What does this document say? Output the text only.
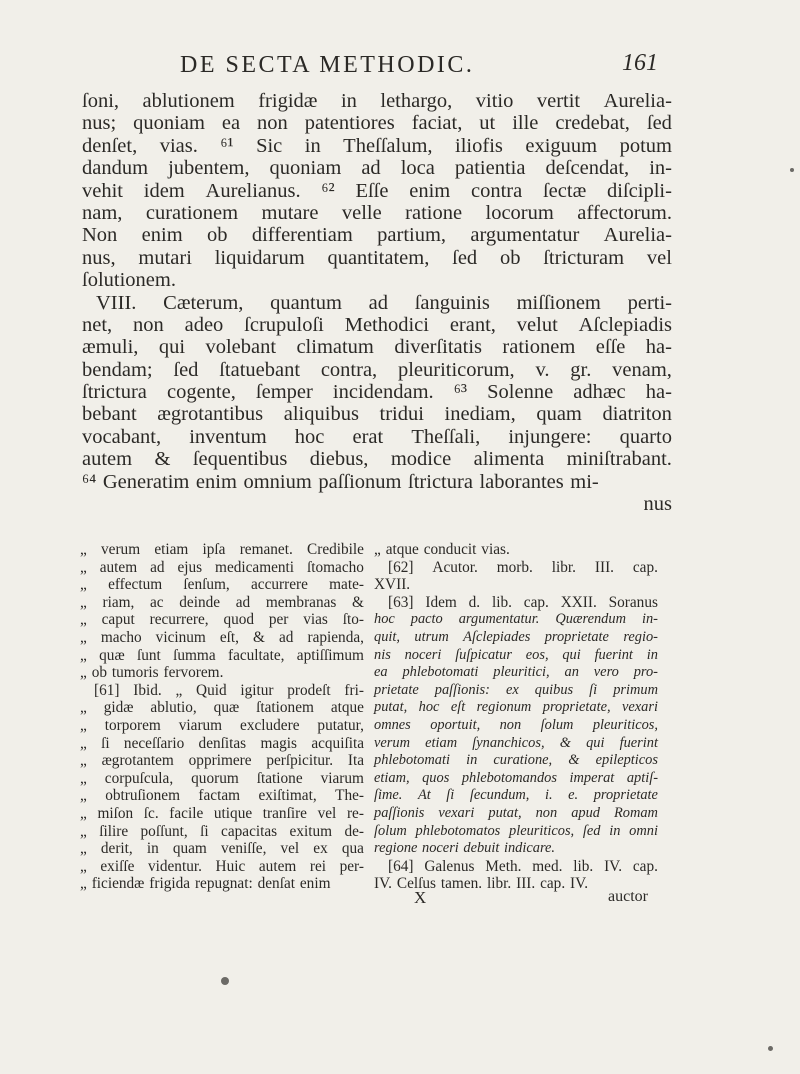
DE SECTA METHODIC.	161
ſoni, ablutionem frigidæ in lethargo, vitio vertit Aurelia-
nus; quoniam ea non patentiores faciat, ut ille credebat, ſed
denſet, vias. ⁶¹ Sic in Theſſalum, iliofis exiguum potum
dandum jubentem, quoniam ad loca patientia deſcendat, in-
vehit idem Aurelianus. ⁶² Eſſe enim contra ſectæ diſcipli-
nam, curationem mutare velle ratione locorum affectorum.
Non enim ob differentiam partium, argumentatur Aurelia-
nus, mutari liquidarum quantitatem, ſed ob ſtricturam vel
ſolutionem.
VIII. Cæterum, quantum ad ſanguinis miſſionem perti-
net, non adeo ſcrupuloſi Methodici erant, velut Aſclepiadis
æmuli, qui volebant climatum diverſitatis rationem eſſe ha-
bendam; ſed ſtatuebant contra, pleuriticorum, v. gr. venam,
ſtrictura cogente, ſemper incidendam. ⁶³ Solenne adhæc ha-
bebant ægrotantibus aliquibus tridui inediam, quam diatriton
vocabant, inventum hoc erat Theſſali, injungere: quarto
autem & ſequentibus diebus, modice alimenta miniſtrabant.
⁶⁴ Generatim enim omnium paſſionum ſtrictura laborantes mi-
nus
„ verum etiam ipſa remanet. Credibile
„ autem ad ejus medicamenti ſtomacho
„ effectum ſenſum, accurrere mate-
„ riam, ac deinde ad membranas &
„ caput recurrere, quod per vias ſto-
„ macho vicinum eſt, & ad rapienda,
„ quæ ſunt ſumma facultate, aptiſſimum
„ ob tumoris fervorem.
[61] Ibid. „ Quid igitur prodeſt fri-
„ gidæ ablutio, quæ ſtationem atque
„ torporem viarum excludere putatur,
„ ſi neceſſario denſitas magis acquiſita
„ ægrotantem opprimere perſpicitur. Ita
„ corpuſcula, quorum ſtatione viarum
„ obtruſionem factam exiſtimat, The-
„ miſon ſc. facile utique tranſire vel re-
„ ſilire poſſunt, ſi capacitas exitum de-
„ derit, in quam veniſſe, vel ex qua
„ exiſſe videntur. Huic autem rei per-
„ ficiendæ frigida repugnat: denſat enim
„ atque conducit vias.
[62] Acutor. morb. libr. III. cap.
XVII.
[63] Idem d. lib. cap. XXII. Soranus
hoc pacto argumentatur. Quærendum in-
quit, utrum Aſclepiades proprietate regio-
nis noceri ſuſpicatur eos, qui fuerint in
ea phlebotomati pleuritici, an vero pro-
prietate paſſionis: ex quibus ſi primum
putat, hoc eſt regionum proprietate, vexari
omnes oportuit, non ſolum pleuriticos,
verum etiam ſynanchicos, & qui fuerint
phlebotomati in curatione, & epilepticos
etiam, quos phlebotomandos imperat aptiſ-
ſime. At ſi ſecundum, i. e. proprietate
paſſionis vexari putat, non apud Romam
ſolum phlebotomatos pleuriticos, ſed in omni
regione noceri debuit indicare.
[64] Galenus Meth. med. lib. IV. cap.
IV. Celſus tamen. libr. III. cap. IV.
X	auctor
